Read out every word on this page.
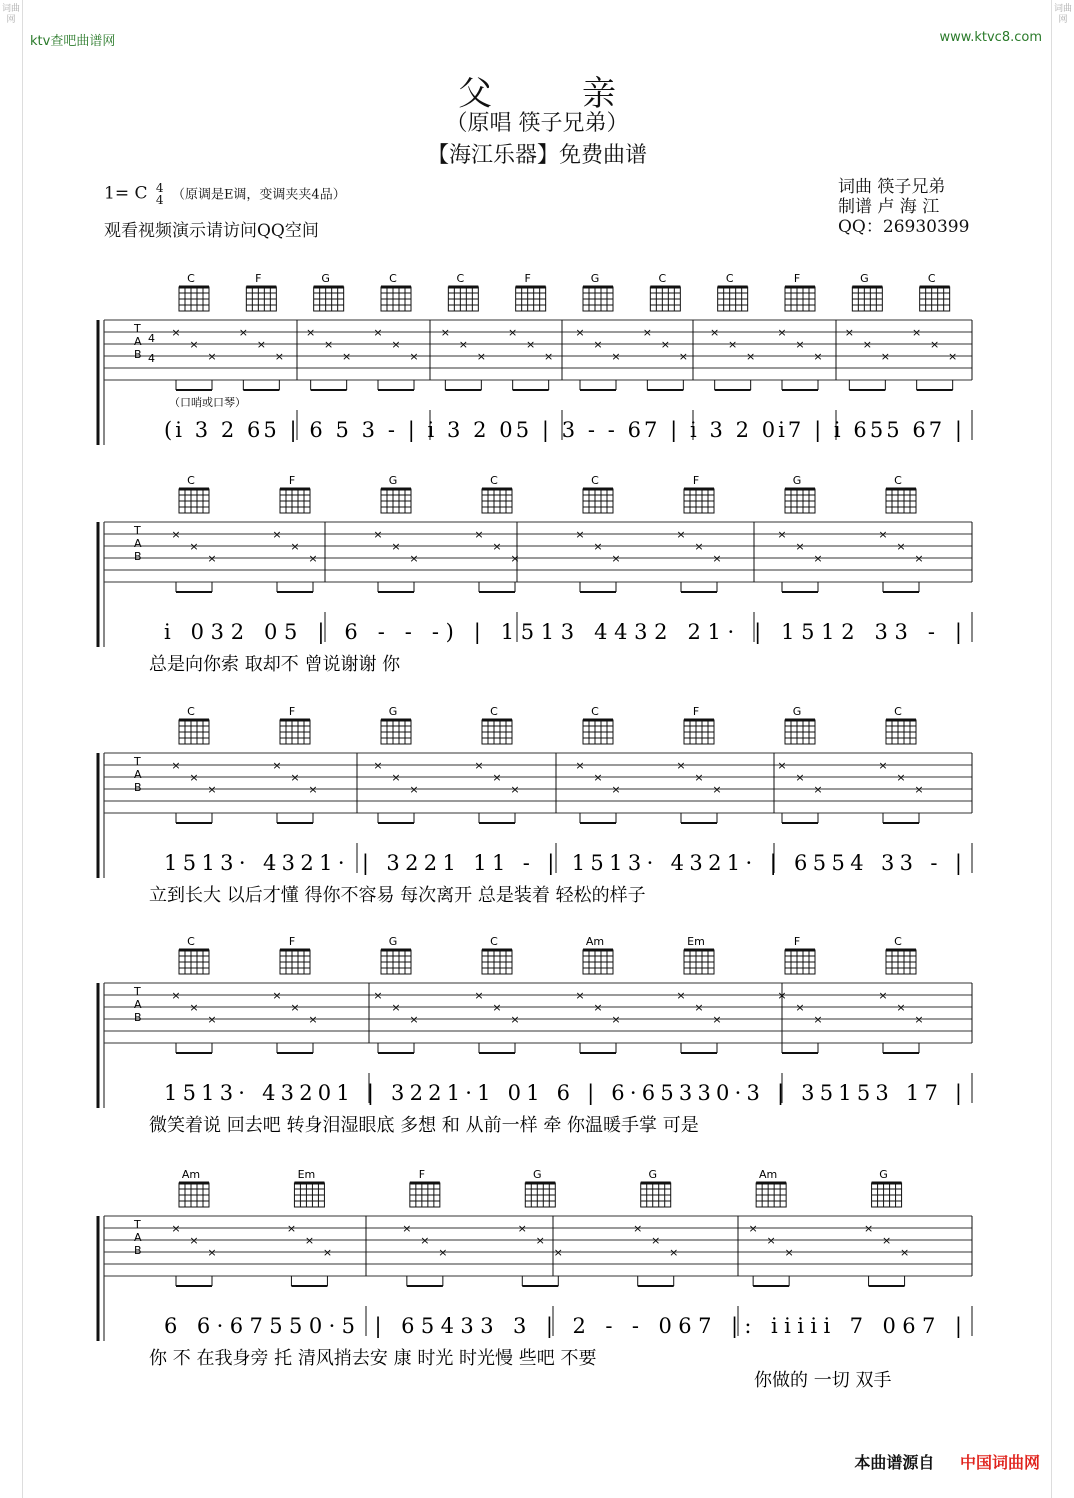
词曲网
词曲网
ktv查吧曲谱网	www.ktvc8.com
父亲
（原唱 筷子兄弟）
【海江乐器】免费曲谱
1= C 4
4 （原调是E调，变调夹夹4品）
观看视频演示请访问QQ空间
词曲 筷子兄弟
制谱 卢 海 江
QQ：26930399
T
A
B
C
×
×
×
F
×
×
×
G
×
×
×
C
×
×
×
C
×
×
×
F
×
×
×
G
×
×
×
C
×
×
×
C
×
×
×
F
×
×
×
G
×
×
×
C
×
×
×
4
4
（口哨或口琴）
(i 3 2 65 | 6 5 3 - | i 3 2 05 | 3 - - 67 | i 3 2 0i7 | i 655 67 |
T
A
B
C
×
×
×
F
×
×
×
G
×
×
×
C
×
×
×
C
×
×
×
F
×
×
×
G
×
×
×
C
×
×
×
i 032 05 | 6 - - -) | 1513 4432 21· | 1512 33 - |
总是向你索 取却不 曾说谢谢 你
T
A
B
C
×
×
×
F
×
×
×
G
×
×
×
C
×
×
×
C
×
×
×
F
×
×
×
G
×
×
×
C
×
×
×
1513· 4321· | 3221 11 - | 1513· 4321· | 6554 33 - |
立到长大 以后才懂 得你不容易 每次离开 总是装着 轻松的样子
T
A
B
C
×
×
×
F
×
×
×
G
×
×
×
C
×
×
×
Am
×
×
×
Em
×
×
×
F
×
×
×
C
×
×
×
1513· 43201 | 3221·1 01 6 | 6·65330·3 | 35153 17 |
微笑着说 回去吧 转身泪湿眼底 多想 和 从前一样 牵 你温暖手掌 可是
T
A
B
Am
×
×
×
Em
×
×
×
F
×
×
×
G
×
×
×
G
×
×
×
Am
×
×
×
G
×
×
×
6 6·67550·5 | 65433 3 | 2 - - 067 |: iiiii 7 067 |
你 不 在我身旁 托 清风捎去安 康 时光 时光慢 些吧 不要
你做的 一切 双手
本曲谱源自 中国词曲网
